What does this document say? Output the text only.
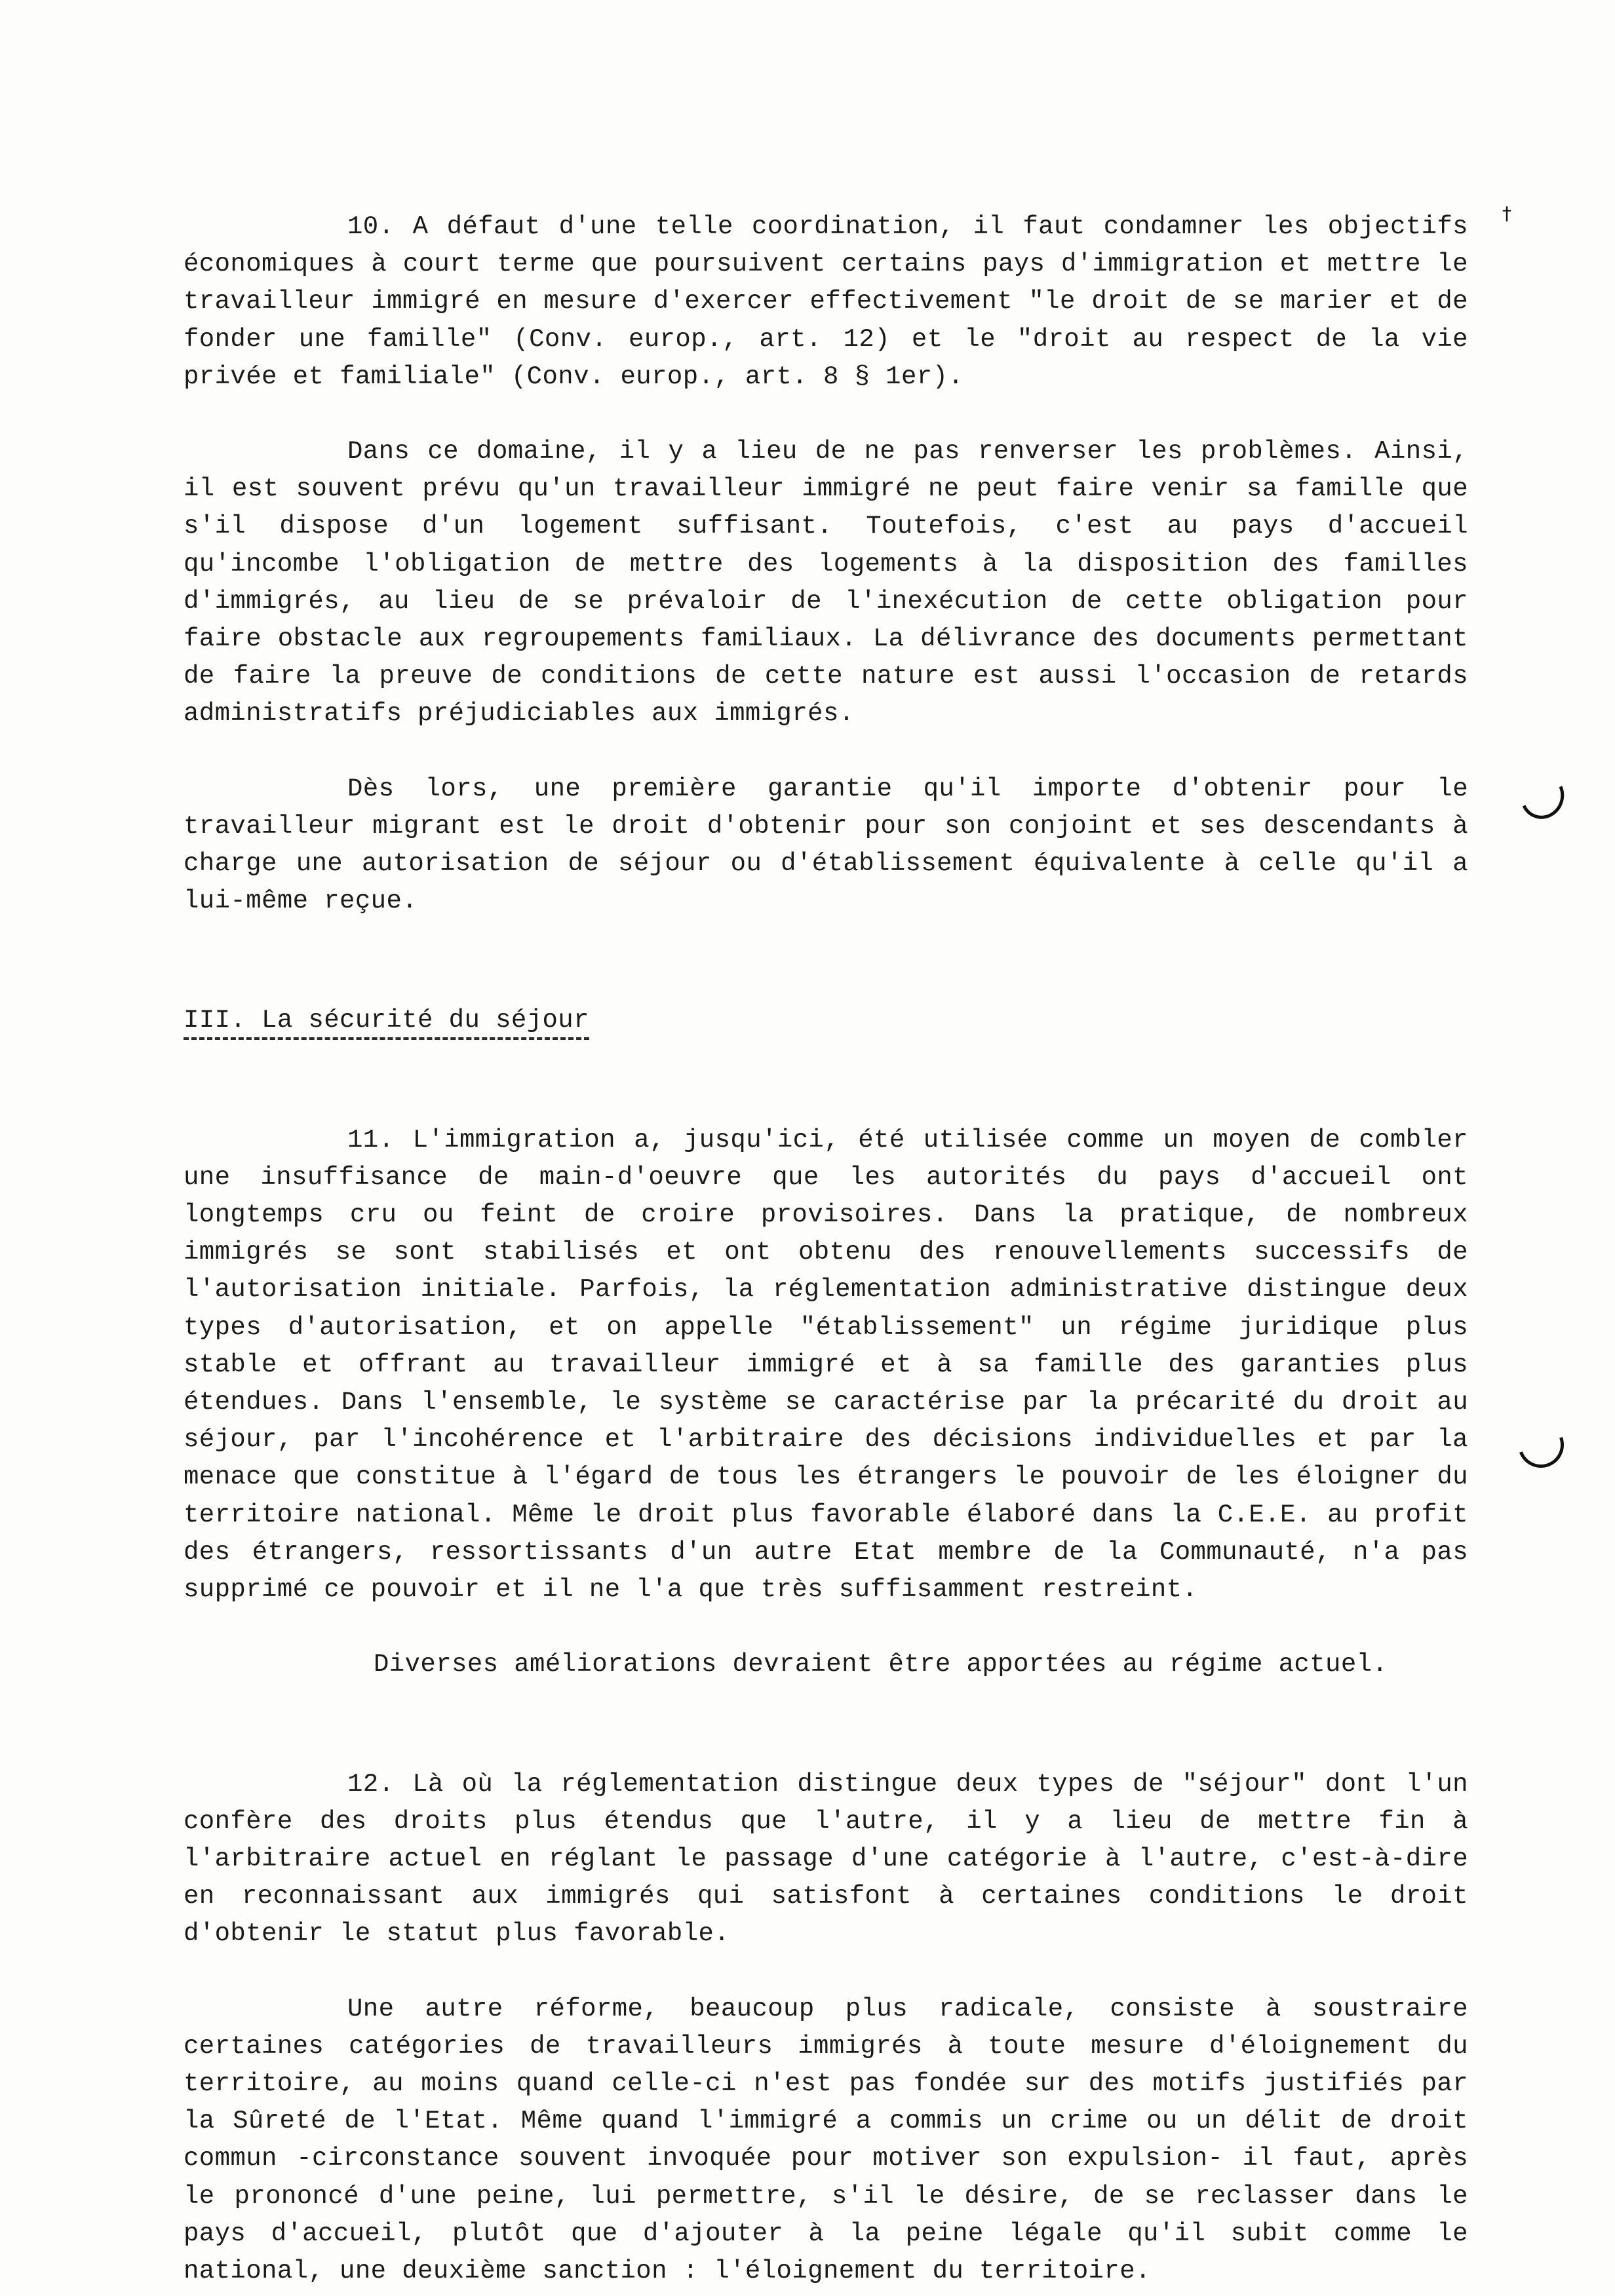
†

10. A défaut d'une telle coordination, il faut condamner les objectifs économiques à court terme que poursuivent certains pays d'immigration et mettre le travailleur immigré en mesure d'exercer effectivement "le droit de se marier et de fonder une famille" (Conv. europ., art. 12) et le "droit au respect de la vie privée et familiale" (Conv. europ., art. 8 § 1er).

Dans ce domaine, il y a lieu de ne pas renverser les problèmes. Ainsi, il est souvent prévu qu'un travailleur immigré ne peut faire venir sa famille que s'il dispose d'un logement suffisant. Toutefois, c'est au pays d'accueil qu'incombe l'obligation de mettre des logements à la disposition des familles d'immigrés, au lieu de se prévaloir de l'inexécution de cette obligation pour faire obstacle aux regroupements familiaux. La délivrance des documents permettant de faire la preuve de conditions de cette nature est aussi l'occasion de retards administratifs préjudiciables aux immigrés.

Dès lors, une première garantie qu'il importe d'obtenir pour le travailleur migrant est le droit d'obtenir pour son conjoint et ses descendants à charge une autorisation de séjour ou d'établissement équivalente à celle qu'il a lui-même reçue.

III. La sécurité du séjour

11. L'immigration a, jusqu'ici, été utilisée comme un moyen de combler une insuffisance de main-d'oeuvre que les autorités du pays d'accueil ont longtemps cru ou feint de croire provisoires. Dans la pratique, de nombreux immigrés se sont stabilisés et ont obtenu des renouvellements successifs de l'autorisation initiale. Parfois, la réglementation administrative distingue deux types d'autorisation, et on appelle "établissement" un régime juridique plus stable et offrant au travailleur immigré et à sa famille des garanties plus étendues. Dans l'ensemble, le système se caractérise par la précarité du droit au séjour, par l'incohérence et l'arbitraire des décisions individuelles et par la menace que constitue à l'égard de tous les étrangers le pouvoir de les éloigner du territoire national. Même le droit plus favorable élaboré dans la C.E.E. au profit des étrangers, ressortissants d'un autre Etat membre de la Communauté, n'a pas supprimé ce pouvoir et il ne l'a que très suffisamment restreint.

Diverses améliorations devraient être apportées au régime actuel.

12. Là où la réglementation distingue deux types de "séjour" dont l'un confère des droits plus étendus que l'autre, il y a lieu de mettre fin à l'arbitraire actuel en réglant le passage d'une catégorie à l'autre, c'est-à-dire en reconnaissant aux immigrés qui satisfont à certaines conditions le droit d'obtenir le statut plus favorable.

Une autre réforme, beaucoup plus radicale, consiste à soustraire certaines catégories de travailleurs immigrés à toute mesure d'éloignement du territoire, au moins quand celle-ci n'est pas fondée sur des motifs justifiés par la Sûreté de l'Etat. Même quand l'immigré a commis un crime ou un délit de droit commun -circonstance souvent invoquée pour motiver son expulsion- il faut, après le prononcé d'une peine, lui permettre, s'il le désire, de se reclasser dans le pays d'accueil, plutôt que d'ajouter à la peine légale qu'il subit comme le national, une deuxième sanction : l'éloignement du territoire.
